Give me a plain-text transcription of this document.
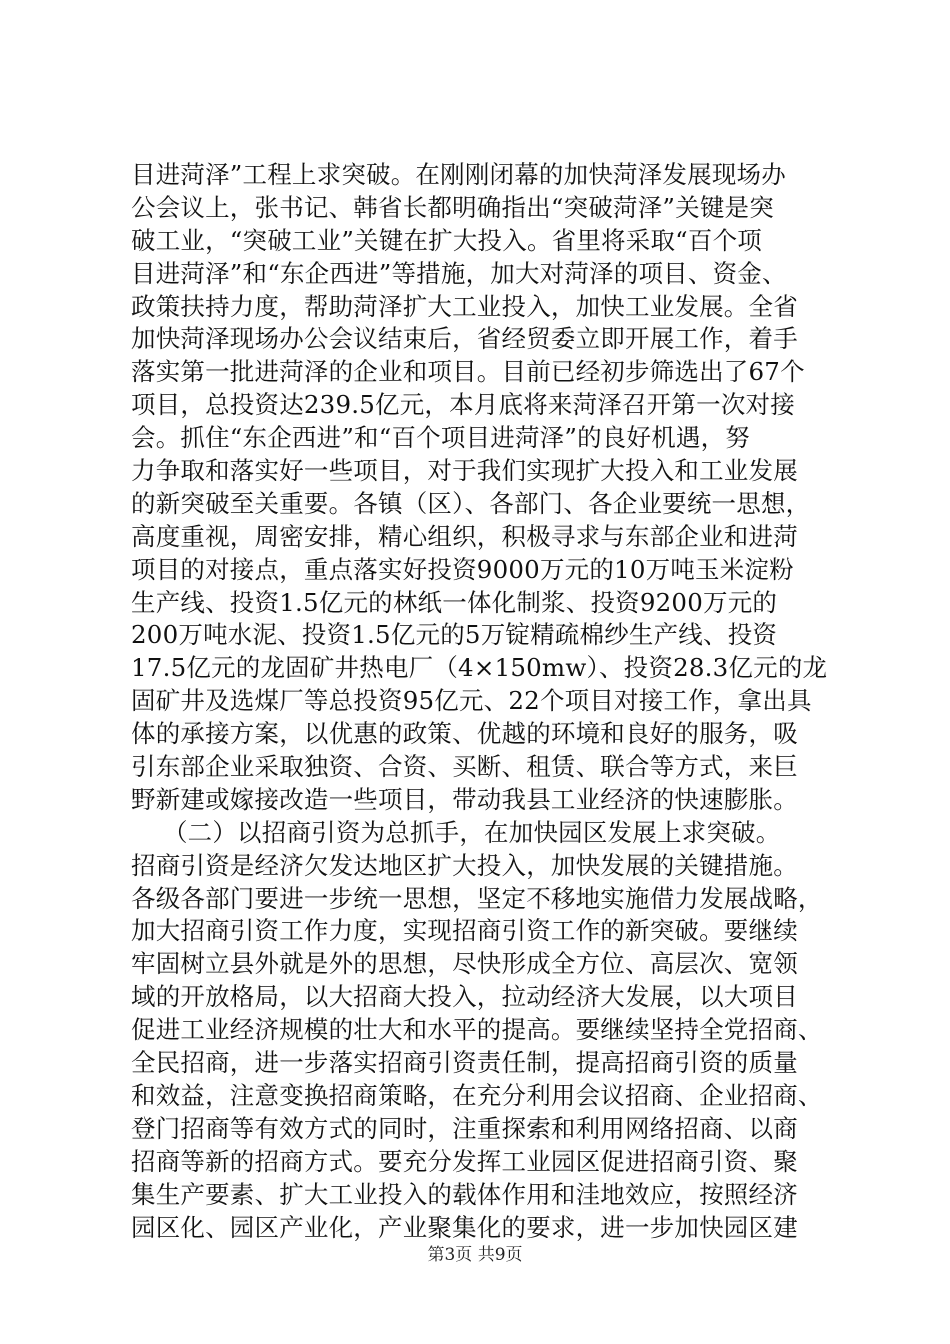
目进菏泽”工程上求突破。在刚刚闭幕的加快菏泽发展现场办
公会议上，张书记、韩省长都明确指出“突破菏泽”关键是突
破工业，“突破工业”关键在扩大投入。省里将采取“百个项
目进菏泽”和“东企西进”等措施，加大对菏泽的项目、资金、
政策扶持力度，帮助菏泽扩大工业投入，加快工业发展。全省
加快菏泽现场办公会议结束后，省经贸委立即开展工作，着手
落实第一批进菏泽的企业和项目。目前已经初步筛选出了67个
项目，总投资达239.5亿元，本月底将来菏泽召开第一次对接
会。抓住“东企西进”和“百个项目进菏泽”的良好机遇，努
力争取和落实好一些项目，对于我们实现扩大投入和工业发展
的新突破至关重要。各镇（区）、各部门、各企业要统一思想，
高度重视，周密安排，精心组织，积极寻求与东部企业和进菏
项目的对接点，重点落实好投资9000万元的10万吨玉米淀粉
生产线、投资1.5亿元的林纸一体化制浆、投资9200万元的
200万吨水泥、投资1.5亿元的5万锭精疏棉纱生产线、投资
17.5亿元的龙固矿井热电厂（4×150mw）、投资28.3亿元的龙
固矿井及选煤厂等总投资95亿元、22个项目对接工作，拿出具
体的承接方案，以优惠的政策、优越的环境和良好的服务，吸
引东部企业采取独资、合资、买断、租赁、联合等方式，来巨
野新建或嫁接改造一些项目，带动我县工业经济的快速膨胀。
（二）以招商引资为总抓手，在加快园区发展上求突破。
招商引资是经济欠发达地区扩大投入，加快发展的关键措施。
各级各部门要进一步统一思想，坚定不移地实施借力发展战略，
加大招商引资工作力度，实现招商引资工作的新突破。要继续
牢固树立县外就是外的思想，尽快形成全方位、高层次、宽领
域的开放格局，以大招商大投入，拉动经济大发展，以大项目
促进工业经济规模的壮大和水平的提高。要继续坚持全党招商、
全民招商，进一步落实招商引资责任制，提高招商引资的质量
和效益，注意变换招商策略，在充分利用会议招商、企业招商、
登门招商等有效方式的同时，注重探索和利用网络招商、以商
招商等新的招商方式。要充分发挥工业园区促进招商引资、聚
集生产要素、扩大工业投入的载体作用和洼地效应，按照经济
园区化、园区产业化，产业聚集化的要求，进一步加快园区建
第3页 共9页
